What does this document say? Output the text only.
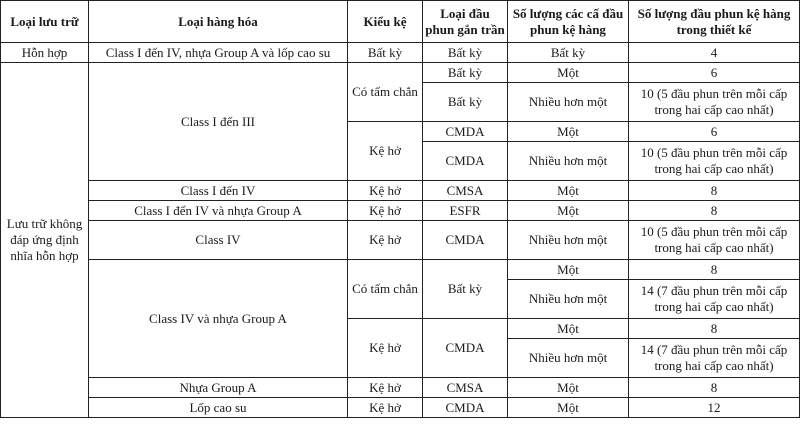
Loại lưu trữ	Loại hàng hóa	Kiểu kệ	Loại đầu phun gắn trần	Số lượng các cấ đầu phun kệ hàng	Số lượng đầu phun kệ hàng trong thiết kế
Hỗn hợp	Class I đến IV, nhựa Group A và lốp cao su	Bất kỳ	Bất kỳ	Bất kỳ	4
Lưu trữ không đáp ứng định nhĩa hỗn hợp	Class I đến III	Có tấm chắn	Bất kỳ	Một	6
			Bất kỳ	Nhiều hơn một	10 (5 đầu phun trên mỗi cấp trong hai cấp cao nhất)
		Kệ hở	CMDA	Một	6
			CMDA	Nhiều hơn một	10 (5 đầu phun trên mỗi cấp trong hai cấp cao nhất)
	Class I đến IV	Kệ hở	CMSA	Một	8
	Class I đến IV và nhựa Group A	Kệ hở	ESFR	Một	8
	Class IV	Kệ hở	CMDA	Nhiều hơn một	10 (5 đầu phun trên mỗi cấp trong hai cấp cao nhất)
	Class IV và nhựa Group A	Có tấm chắn	Bất kỳ	Một	8
				Nhiều hơn một	14 (7 đầu phun trên mỗi cấp trong hai cấp cao nhất)
		Kệ hở	CMDA	Một	8
				Nhiều hơn một	14 (7 đầu phun trên mỗi cấp trong hai cấp cao nhất)
	Nhựa Group A	Kệ hở	CMSA	Một	8
	Lốp cao su	Kệ hở	CMDA	Một	12
